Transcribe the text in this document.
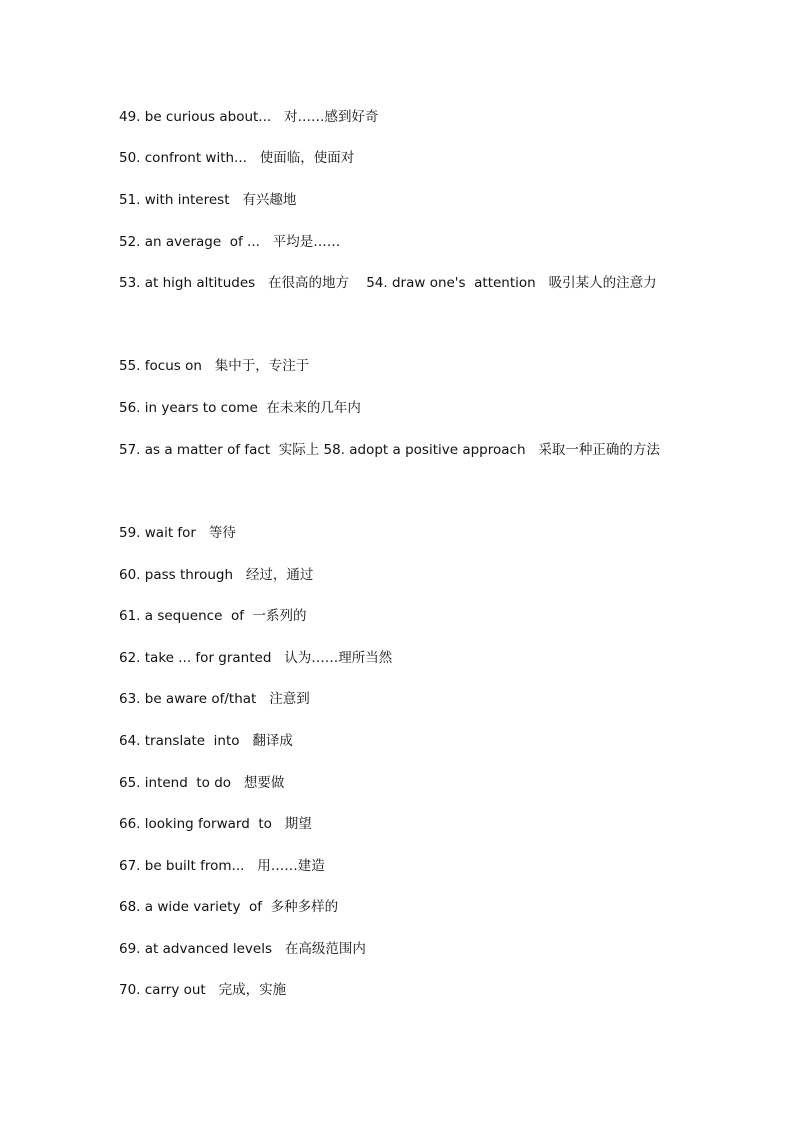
49. be curious about...   对……感到好奇
50. confront with...   使面临，使面对
51. with interest   有兴趣地
52. an average  of ...   平均是……
53. at high altitudes   在很高的地方    54. draw one's  attention   吸引某人的注意力
55. focus on   集中于，专注于
56. in years to come  在未来的几年内
57. as a matter of fact  实际上 58. adopt a positive approach   采取一种正确的方法
59. wait for   等待
60. pass through   经过，通过
61. a sequence  of  一系列的
62. take ... for granted   认为……理所当然
63. be aware of/that   注意到
64. translate  into   翻译成
65. intend  to do   想要做
66. looking forward  to   期望
67. be built from...   用……建造
68. a wide variety  of  多种多样的
69. at advanced levels   在高级范围内
70. carry out   完成，实施
